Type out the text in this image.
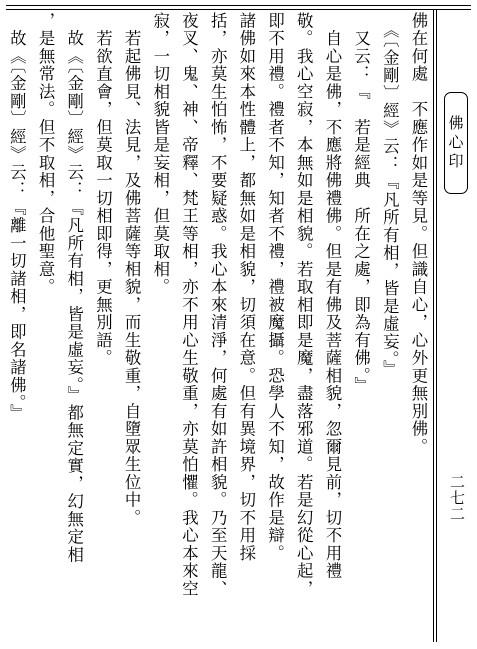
佛心印
二七二
佛在何處　不應作如是等見。但識自心，心外更無別佛。
　《〔金剛〕經》云：『凡所有相，皆是虛妄。』
　又云：『　若是經典　所在之處，即為有佛。』
　自心是佛，不應將佛禮佛。但是有佛及菩薩相貌，忽爾見前，切不用禮
敬。我心空寂，本無如是相貌。若取相即是魔，盡落邪道。若是幻從心起，
即不用禮。禮者不知，知者不禮，禮被魔攝。恐學人不知，故作是辯。
諸佛如來本性體上，都無如是相貌，切須在意。但有異境界，切不用採
括，亦莫生怕怖，不要疑惑。我心本來清淨，何處有如許相貌。乃至天龍、
夜叉、鬼、神、帝釋、梵王等相，亦不用心生敬重，亦莫怕懼。我心本來空
寂，一切相貌皆是妄相，但莫取相。
　若起佛見、法見，及佛菩薩等相貌，而生敬重，自墮眾生位中。
　若欲直會，但莫取一切相即得，更無別語。
　故《〔金剛〕經》云：『凡所有相，皆是虛妄。』都無定實，幻無定相
，是無常法。但不取相，合他聖意。
　故《〔金剛〕經》云：『離一切諸相，即名諸佛。』
